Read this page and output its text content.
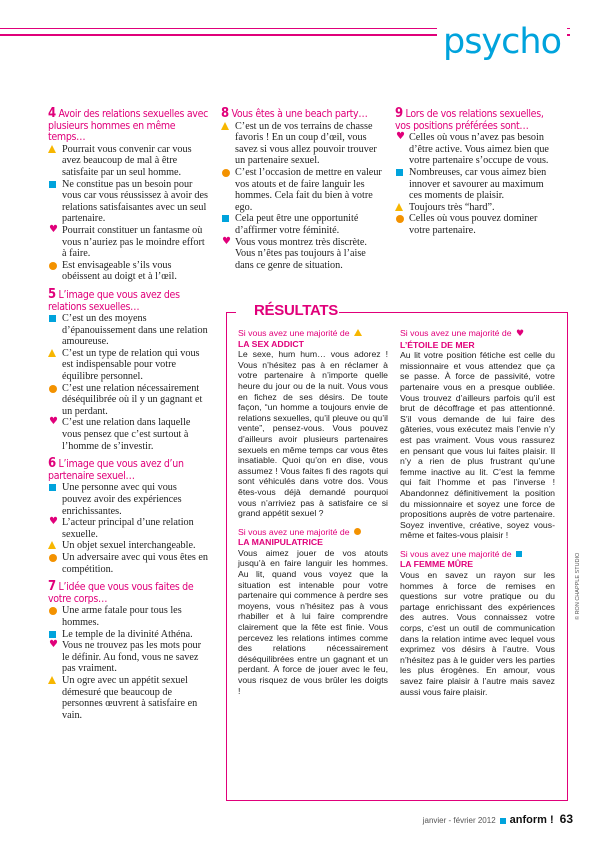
psycho
4 Avoir des relations sexuelles avec plusieurs hommes en même temps…

Pourrait vous convenir car vous avez beaucoup de mal à être satisfaite par un seul homme.

Ne constitue pas un besoin pour vous car vous réussissez à avoir des relations satisfaisantes avec un seul partenaire.

♥ Pourrait constituer un fantasme où vous n’auriez pas le moindre effort à faire.

Est envisageable s’ils vous obéissent au doigt et à l’œil.

5 L’image que vous avez des relations sexuelles…

C’est un des moyens d’épanouissement dans une relation amoureuse.

C’est un type de relation qui vous est indispensable pour votre équilibre personnel.

C’est une relation nécessairement déséquilibrée où il y un gagnant et un perdant.

♥ C’est une relation dans laquelle vous pensez que c’est surtout à l’homme de s’investir.

6 L’image que vous avez d’un partenaire sexuel…

Une personne avec qui vous pouvez avoir des expériences enrichissantes.

♥ L’acteur principal d’une relation sexuelle.

Un objet sexuel interchangeable.

Un adversaire avec qui vous êtes en compétition.

7 L’idée que vous vous faites de votre corps…

Une arme fatale pour tous les hommes.

Le temple de la divinité Athéna.

♥ Vous ne trouvez pas les mots pour le définir. Au fond, vous ne savez pas vraiment.

Un ogre avec un appétit sexuel démesuré que beaucoup de personnes œuvrent à satisfaire en vain.

8 Vous êtes à une beach party…

C’est un de vos terrains de chasse favoris ! En un coup d’œil, vous savez si vous allez pouvoir trouver un partenaire sexuel.

C’est l’occasion de mettre en valeur vos atouts et de faire languir les hommes. Cela fait du bien à votre ego.

Cela peut être une opportunité d’affirmer votre féminité.

♥ Vous vous montrez très discrète. Vous n’êtes pas toujours à l’aise dans ce genre de situation.

9 Lors de vos relations sexuelles, vos positions préférées sont…

♥ Celles où vous n’avez pas besoin d’être active. Vous aimez bien que votre partenaire s’occupe de vous.

Nombreuses, car vous aimez bien innover et savourer au maximum ces moments de plaisir.

Toujours très “hard”.

Celles où vous pouvez dominer votre partenaire.

RÉSULTATS
Si vous avez une majorité de
LA SEX ADDICT

Le sexe, hum hum… vous adorez ! Vous n’hésitez pas à en réclamer à votre partenaire à n’importe quelle heure du jour ou de la nuit. Vous vous en fichez de ses désirs. De toute façon, “un homme a toujours envie de relations sexuelles, qu’il pleuve ou qu’il vente”, pensez-vous. Vous pouvez d’ailleurs avoir plusieurs partenaires sexuels en même temps car vous êtes insatiable. Quoi qu’on en dise, vous assumez ! Vous faites fi des ragots qui sont véhiculés dans votre dos. Vous êtes-vous déjà demandé pourquoi vous n’arriviez pas à satisfaire ce si grand appétit sexuel ?

Si vous avez une majorité de
LA MANIPULATRICE

Vous aimez jouer de vos atouts jusqu’à en faire languir les hommes. Au lit, quand vous voyez que la situation est intenable pour votre partenaire qui commence à perdre ses moyens, vous n’hésitez pas à vous rhabiller et à lui faire comprendre clairement que la fête est finie. Vous percevez les relations intimes comme des relations nécessairement déséquilibrées entre un gagnant et un perdant. À force de jouer avec le feu, vous risquez de vous brûler les doigts !

Si vous avez une majorité de ♥
L’ÉTOILE DE MER

Au lit votre position fétiche est celle du missionnaire et vous attendez que ça se passe. À force de passivité, votre partenaire vous en a presque oubliée. Vous trouvez d’ailleurs parfois qu’il est brut de décoffrage et pas attentionné. S’il vous demande de lui faire des gâteries, vous exécutez mais l’envie n’y est pas vraiment. Vous vous rassurez en pensant que vous lui faites plaisir. Il n’y a rien de plus frustrant qu’une femme inactive au lit. C’est la femme qui fait l’homme et pas l’inverse ! Abandonnez définitivement la position du missionnaire et soyez une force de propositions auprès de votre partenaire. Soyez inventive, créative, soyez vous-même et faites-vous plaisir !

Si vous avez une majorité de
LA FEMME MÛRE

Vous en savez un rayon sur les hommes à force de remises en questions sur votre pratique ou du partage enrichissant des expériences des autres. Vous connaissez votre corps, c’est un outil de communication dans la relation intime avec lequel vous exprimez vos désirs à l’autre. Vous n’hésitez pas à le guider vers les parties les plus érogènes. En amour, vous savez faire plaisir à l’autre mais savez aussi vous faire plaisir.

© RON CHAPPLE STUDIO
janvier - février 2012 anform ! 63
